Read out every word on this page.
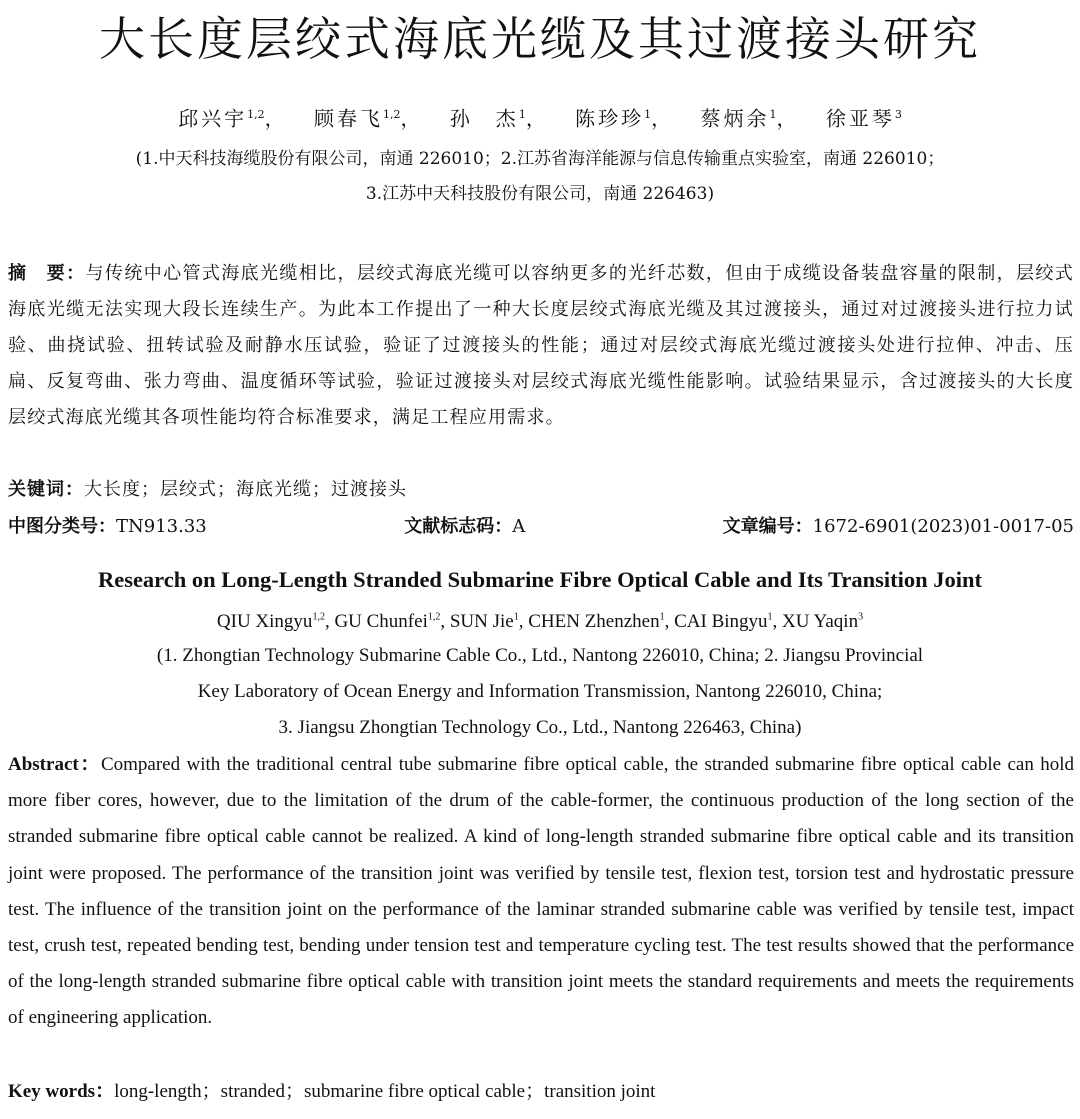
大长度层绞式海底光缆及其过渡接头研究
邱兴宇$^{1,2}$， 顾春飞$^{1,2}$， 孙　杰$^1$， 陈珍珍$^1$， 蔡炳余$^1$， 徐亚琴$^3$
(1.中天科技海缆股份有限公司，南通 226010；2.江苏省海洋能源与信息传输重点实验室，南通 226010；
3.江苏中天科技股份有限公司，南通 226463)
摘　要：与传统中心管式海底光缆相比，层绞式海底光缆可以容纳更多的光纤芯数，但由于成缆设备装盘容量的限制，层绞式海底光缆无法实现大段长连续生产。为此本工作提出了一种大长度层绞式海底光缆及其过渡接头，通过对过渡接头进行拉力试验、曲挠试验、扭转试验及耐静水压试验，验证了过渡接头的性能；通过对层绞式海底光缆过渡接头处进行拉伸、冲击、压扁、反复弯曲、张力弯曲、温度循环等试验，验证过渡接头对层绞式海底光缆性能影响。试验结果显示，含过渡接头的大长度层绞式海底光缆其各项性能均符合标准要求，满足工程应用需求。
关键词：大长度；层绞式；海底光缆；过渡接头
中图分类号：TN913.33	文献标志码：A	文章编号：1672-6901(2023)01-0017-05
Research on Long-Length Stranded Submarine Fibre Optical Cable and Its Transition Joint
QIU Xingyu$^{1,2}$, GU Chunfei$^{1,2}$, SUN Jie$^1$, CHEN Zhenzhen$^1$, CAI Bingyu$^1$, XU Yaqin$^3$
(1. Zhongtian Technology Submarine Cable Co., Ltd., Nantong 226010, China; 2. Jiangsu Provincial
Key Laboratory of Ocean Energy and Information Transmission, Nantong 226010, China;
3. Jiangsu Zhongtian Technology Co., Ltd., Nantong 226463, China)
Abstract：Compared with the traditional central tube submarine fibre optical cable, the stranded submarine fibre optical cable can hold more fiber cores, however, due to the limitation of the drum of the cable-former, the continuous production of the long section of the stranded submarine fibre optical cable cannot be realized. A kind of long-length stranded submarine fibre optical cable and its transition joint were proposed. The performance of the transition joint was verified by tensile test, flexion test, torsion test and hydrostatic pressure test. The influence of the transition joint on the performance of the laminar stranded submarine cable was verified by tensile test, impact test, crush test, repeated bending test, bending under tension test and temperature cycling test. The test results showed that the performance of the long-length stranded submarine fibre optical cable with transition joint meets the standard requirements and meets the requirements of engineering application.
Key words：long-length；stranded；submarine fibre optical cable；transition joint
